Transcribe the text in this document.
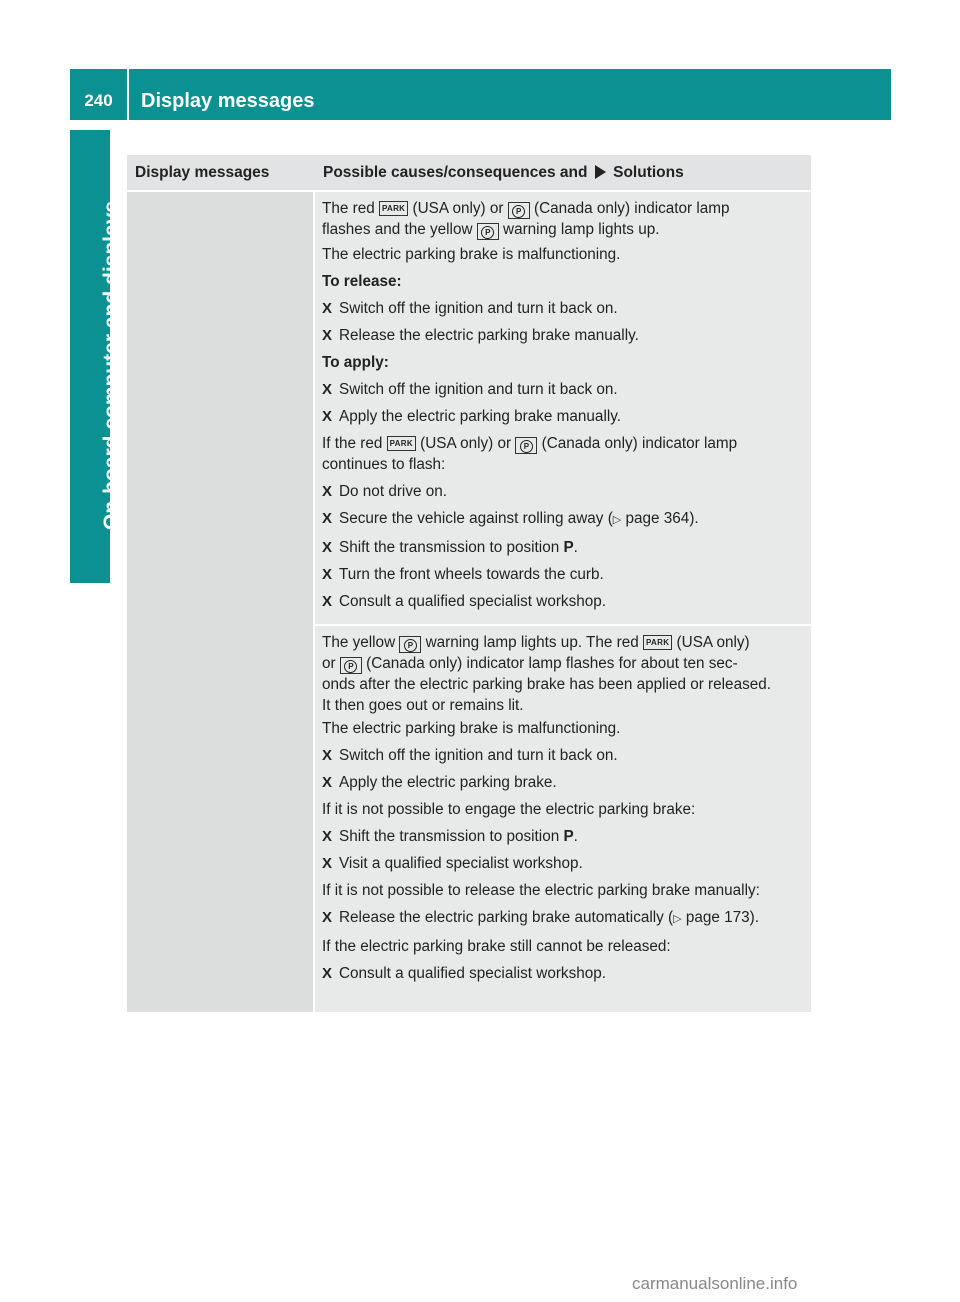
240	Display messages
On-board computer and displays
Display messages	Possible causes/consequences and Solutions

The red PARK (USA only) or P (Canada only) indicator lamp
flashes and the yellow P warning lamp lights up.

The electric parking brake is malfunctioning.

To release:

X Switch off the ignition and turn it back on.
X Release the electric parking brake manually.

To apply:

X Switch off the ignition and turn it back on.
X Apply the electric parking brake manually.

If the red PARK (USA only) or P (Canada only) indicator lamp
continues to flash:

X Do not drive on.
X Secure the vehicle against rolling away (▷ page 364).
X Shift the transmission to position P.
X Turn the front wheels towards the curb.
X Consult a qualified specialist workshop.

The yellow P warning lamp lights up. The red PARK (USA only)
or P (Canada only) indicator lamp flashes for about ten sec-
onds after the electric parking brake has been applied or released.
It then goes out or remains lit.

The electric parking brake is malfunctioning.

X Switch off the ignition and turn it back on.
X Apply the electric parking brake.

If it is not possible to engage the electric parking brake:

X Shift the transmission to position P.
X Visit a qualified specialist workshop.

If it is not possible to release the electric parking brake manually:

X Release the electric parking brake automatically (▷ page 173).

If the electric parking brake still cannot be released:

X Consult a qualified specialist workshop.
carmanualsonline.info
